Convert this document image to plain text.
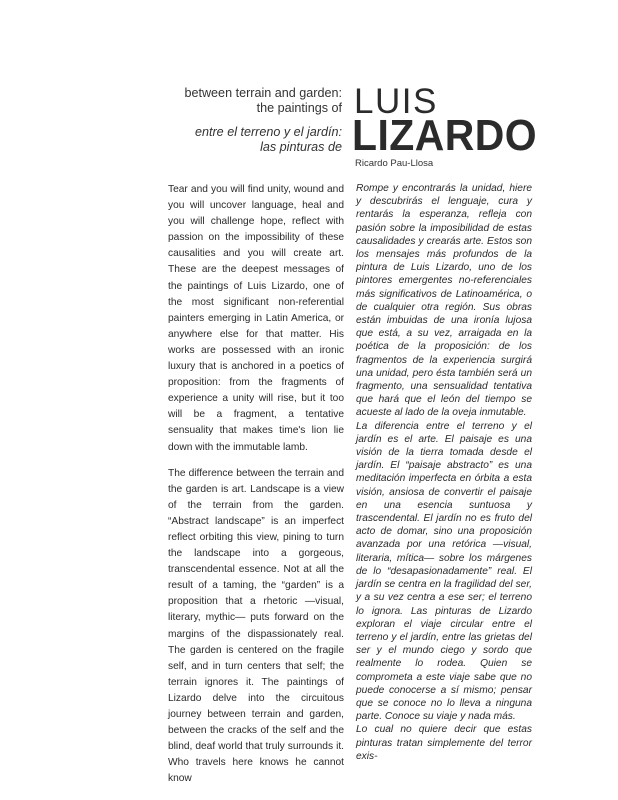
between terrain and garden:
the paintings of
entre el terreno y el jardín:
las pinturas de
LUIS
LIZARDO
Ricardo Pau-Llosa

Tear and you will find unity, wound and you will uncover language, heal and you will challenge hope, reflect with passion on the impossibility of these causalities and you will create art. These are the deepest messages of the paintings of Luis Lizardo, one of the most significant non-referential painters emerging in Latin America, or anywhere else for that matter. His works are possessed with an ironic luxury that is anchored in a poetics of proposition: from the fragments of experience a unity will rise, but it too will be a fragment, a tentative sensuality that makes time's lion lie down with the immutable lamb.

The difference between the terrain and the garden is art. Landscape is a view of the terrain from the garden. “Abstract landscape” is an imperfect reflect orbiting this view, pining to turn the landscape into a gorgeous, transcendental essence. Not at all the result of a taming, the “garden” is a proposition that a rhetoric —visual, literary, mythic— puts forward on the margins of the dispassionately real. The garden is centered on the fragile self, and in turn centers that self; the terrain ignores it. The paintings of Lizardo delve into the circuitous journey between terrain and garden, between the cracks of the self and the blind, deaf world that truly surrounds it. Who travels here knows he cannot know

Rompe y encontrarás la unidad, hiere y descubrirás el lenguaje, cura y rentarás la esperanza, refleja con pasión sobre la imposibilidad de estas causalidades y crearás arte. Estos son los mensajes más profundos de la pintura de Luis Lizardo, uno de los pintores emergentes no-referenciales más significativos de Latinoamérica, o de cualquier otra región. Sus obras están imbuidas de una ironía lujosa que está, a su vez, arraigada en la poética de la proposición: de los fragmentos de la experiencia surgirá una unidad, pero ésta también será un fragmento, una sensualidad tentativa que hará que el león del tiempo se acueste al lado de la oveja inmutable.

La diferencia entre el terreno y el jardín es el arte. El paisaje es una visión de la tierra tomada desde el jardín. El “paisaje abstracto” es una meditación imperfecta en órbita a esta visión, ansiosa de convertir el paisaje en una esencia suntuosa y trascendental. El jardín no es fruto del acto de domar, sino una proposición avanzada por una retórica —visual, literaria, mítica— sobre los márgenes de lo “desapasionadamente” real. El jardín se centra en la fragilidad del ser, y a su vez centra a ese ser; el terreno lo ignora. Las pinturas de Lizardo exploran el viaje circular entre el terreno y el jardín, entre las grietas del ser y el mundo ciego y sordo que realmente lo rodea. Quien se comprometa a este viaje sabe que no puede conocerse a sí mismo; pensar que se conoce no lo lleva a ninguna parte. Conoce su viaje y nada más.

Lo cual no quiere decir que estas pinturas tratan simplemente del terror exis-
